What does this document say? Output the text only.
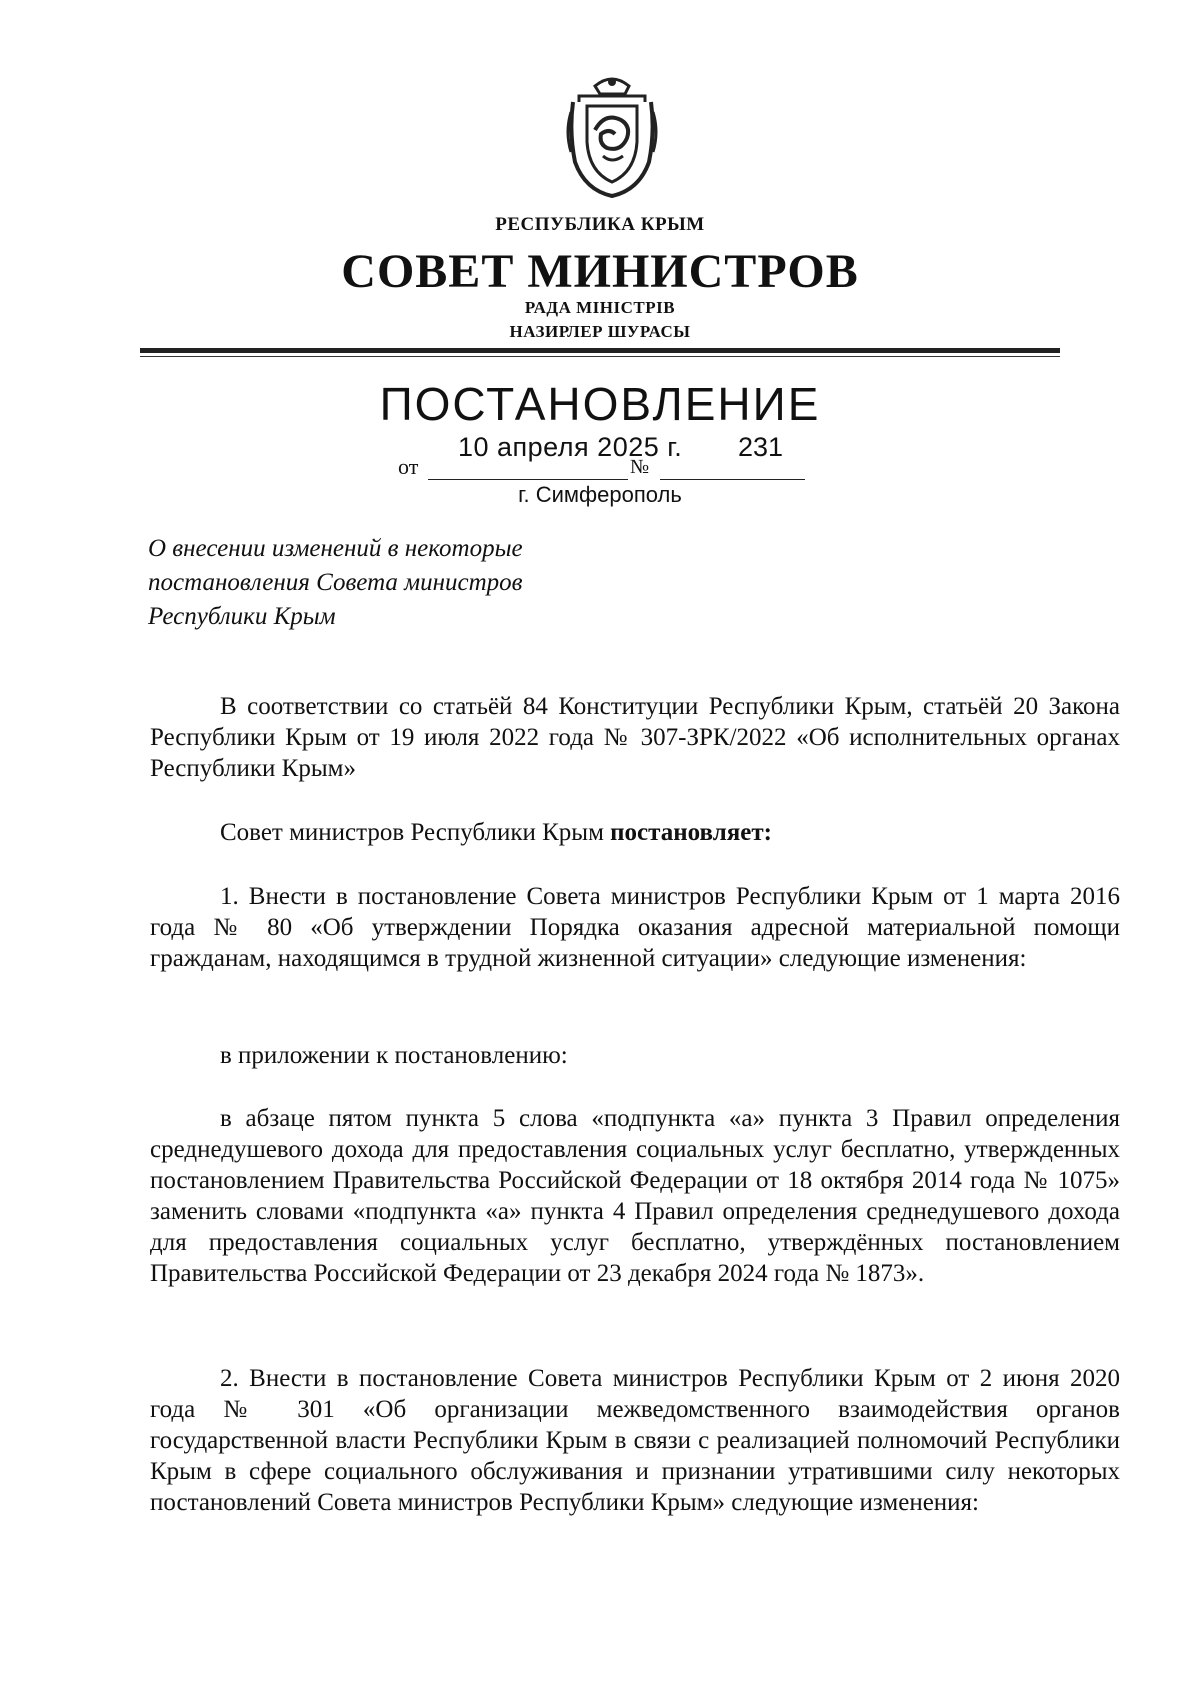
РЕСПУБЛИКА КРЫМ
СОВЕТ МИНИСТРОВ
РАДА МІНІСТРІВ
НАЗИРЛЕР ШУРАСЫ
ПОСТАНОВЛЕНИЕ
от	№
10 апреля 2025 г. 231
г. Симферополь
О внесении изменений в некоторые постановления Совета министров Республики Крым

В соответствии со статьёй 84 Конституции Республики Крым, статьёй 20 Закона Республики Крым от 19 июля 2022 года № 307-ЗРК/2022 «Об исполнительных органах Республики Крым»

Совет министров Республики Крым постановляет:

1. Внести в постановление Совета министров Республики Крым от 1 марта 2016 года № 80 «Об утверждении Порядка оказания адресной материальной помощи гражданам, находящимся в трудной жизненной ситуации» следующие изменения:

в приложении к постановлению:

в абзаце пятом пункта 5 слова «подпункта «а» пункта 3 Правил определения среднедушевого дохода для предоставления социальных услуг бесплатно, утвержденных постановлением Правительства Российской Федерации от 18 октября 2014 года № 1075» заменить словами «подпункта «а» пункта 4 Правил определения среднедушевого дохода для предоставления социальных услуг бесплатно, утверждённых постановлением Правительства Российской Федерации от 23 декабря 2024 года № 1873».

2. Внести в постановление Совета министров Республики Крым от 2 июня 2020 года № 301 «Об организации межведомственного взаимодействия органов государственной власти Республики Крым в связи с реализацией полномочий Республики Крым в сфере социального обслуживания и признании утратившими силу некоторых постановлений Совета министров Республики Крым» следующие изменения:
